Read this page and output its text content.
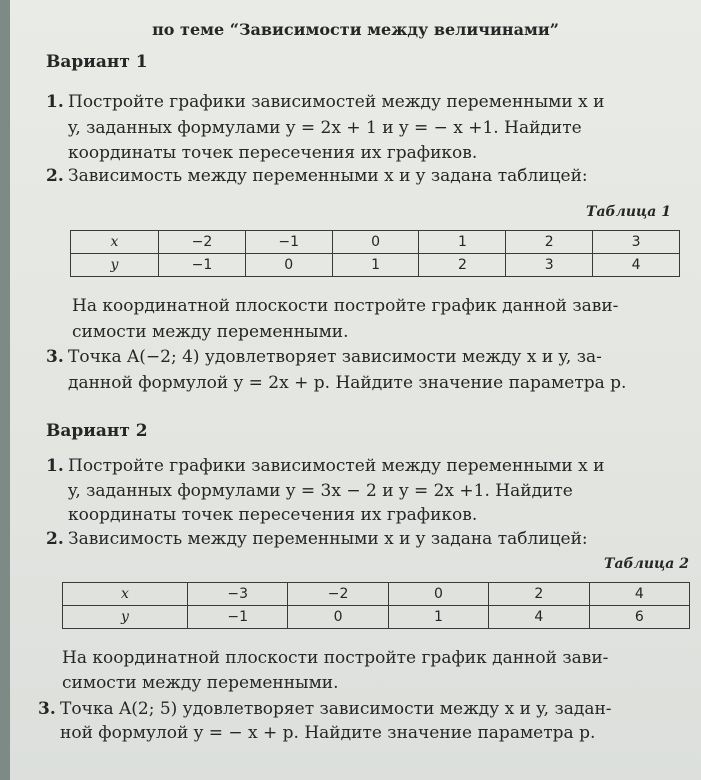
по теме “Зависимости между величинами”
Вариант 1
1. Постройте графики зависимостей между переменными x и
y, заданных формулами y = 2x + 1 и y = − x +1. Найдите
координаты точек пересечения их графиков.
2. Зависимость между переменными x и y задана таблицей:
Таблица 1
x	−2	−1	0	1	2	3
y	−1	0	1	2	3	4
На координатной плоскости постройте график данной зави-
симости между переменными.
3. Точка A(−2; 4) удовлетворяет зависимости между x и y, за-
данной формулой y = 2x + p. Найдите значение параметра p.
Вариант 2
1. Постройте графики зависимостей между переменными x и
y, заданных формулами y = 3x − 2 и y = 2x +1. Найдите
координаты точек пересечения их графиков.
2. Зависимость между переменными x и y задана таблицей:
Таблица 2
x	−3	−2	0	2	4
y	−1	0	1	4	6
На координатной плоскости постройте график данной зави-
симости между переменными.
3. Точка A(2; 5) удовлетворяет зависимости между x и y, задан-
ной формулой y = − x + p. Найдите значение параметра p.
